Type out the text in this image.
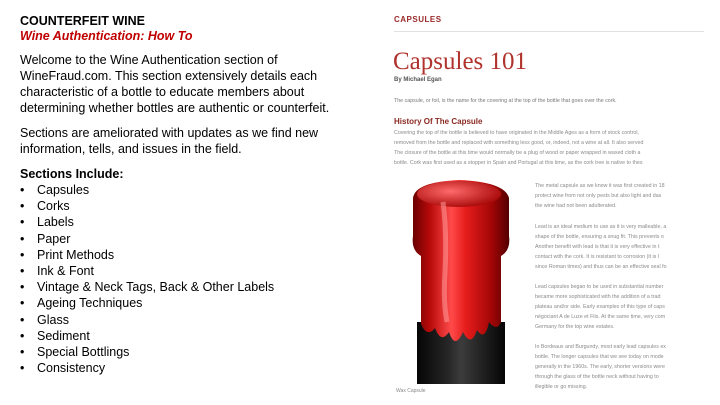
COUNTERFEIT WINE
Wine Authentication: How To

Welcome to the Wine Authentication section of WineFraud.com. This section extensively details each characteristic of a bottle to educate members about determining whether bottles are authentic or counterfeit.

Sections are ameliorated with updates as we find new information, tells, and issues in the field.

Sections Include:
• Capsules
• Corks
• Labels
• Paper
• Print Methods
• Ink & Font
• Vintage & Neck Tags, Back & Other Labels
• Ageing Techniques
• Glass
• Sediment
• Special Bottlings
• Consistency
CAPSULES
Capsules 101
By Michael Egan
The capsule, or foil, is the name for the covering at the top of the bottle that goes over the cork.
History Of The Capsule
Covering the top of the bottle is believed to have originated in the Middle Ages as a form of stock control,
removed from the bottle and replaced with something less good, or, indeed, not a wine at all. It also served
The closure of the bottle at this time would normally be a plug of wood or paper wrapped in waxed cloth a
bottle. Cork was first used as a stopper in Spain and Portugal at this time, as the cork tree is native to thes
The metal capsule as we know it was first created in 18
protect wine from not only pests but also light and das
the wine had not been adulterated.
Lead is an ideal medium to use as it is very malleable, a
shape of the bottle, ensuring a snug fit. This prevents o
Another benefit with lead is that it is very effective in t
contact with the cork. It is resistant to corrosion (it is l
since Roman times) and thus can be an effective seal fo
Lead capsules began to be used in substantial number
became more sophisticated with the addition of a trad
plateau and/or side. Early examples of this type of caps
négociant A de Luze et Fils. At the same time, very com
Germany for the top wine estates.
In Bordeaux and Burgundy, most early lead capsules ex
bottle. The longer capsules that we see today on mode
generally in the 1960s. The early, shorter versions were
through the glass of the bottle neck without having to
illegible or go missing.
Wax Capsule
